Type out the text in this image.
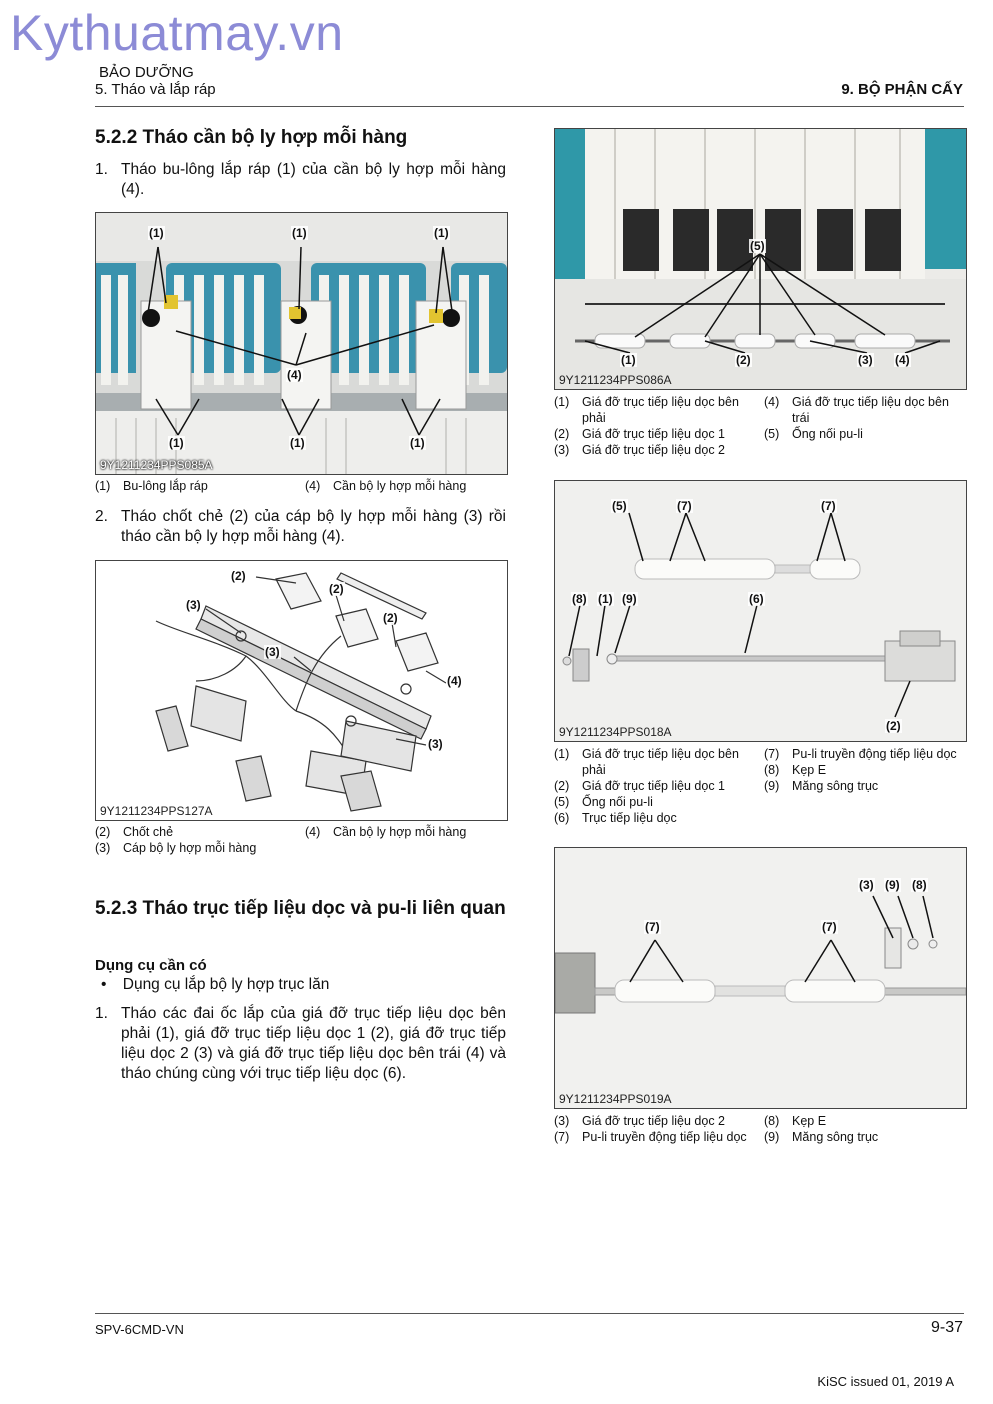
Kythuatmay.vn
BẢO DƯỠNG
5. Tháo và lắp ráp	9. BỘ PHẬN CẤY
5.2.2 Tháo cần bộ ly hợp mỗi hàng
1. Tháo bu-lông lắp ráp (1) của cần bộ ly hợp mỗi hàng (4).
(1)	(1)	(1)
(4)
(1)	(1)	(1)
9Y1211234PPS085A
(1)	Bu-lông lắp ráp	(4)	Cần bộ ly hợp mỗi hàng
2. Tháo chốt chẻ (2) của cáp bộ ly hợp mỗi hàng (3) rồi tháo cần bộ ly hợp mỗi hàng (4).
(2)
(2)
(2)
(3)
(3)
(4)
(3)
9Y1211234PPS127A
(2)	Chốt chẻ
(3)	Cáp bộ ly hợp mỗi hàng
(4)	Cần bộ ly hợp mỗi hàng
5.2.3 Tháo trục tiếp liệu dọc và pu-li liên quan
Dụng cụ cần có
• Dụng cụ lắp bộ ly hợp trục lăn
1. Tháo các đai ốc lắp của giá đỡ trục tiếp liệu dọc bên phải (1), giá đỡ trục tiếp liệu dọc 1 (2), giá đỡ trục tiếp liệu dọc 2 (3) và giá đỡ trục tiếp liệu dọc bên trái (4) và tháo chúng cùng với trục tiếp liệu dọc (6).
(5)
(1)	(2)	(3) (4)
9Y1211234PPS086A
(1)	Giá đỡ trục tiếp liệu dọc bên phải
(2)	Giá đỡ trục tiếp liệu dọc 1
(3)	Giá đỡ trục tiếp liệu dọc 2
(4)	Giá đỡ trục tiếp liệu dọc bên trái
(5)	Ống nối pu-li
(5)	(7)	(7)
(8) (1) (9)	(6)
(2)
9Y1211234PPS018A
(1)	Giá đỡ trục tiếp liệu dọc bên phải
(2)	Giá đỡ trục tiếp liệu dọc 1
(5)	Ống nối pu-li
(6)	Trục tiếp liệu dọc
(7)	Pu-li truyền động tiếp liệu dọc
(8)	Kẹp E
(9)	Măng sông trục
(3) (9) (8)
(7)	(7)
9Y1211234PPS019A
(3)	Giá đỡ trục tiếp liệu dọc 2
(7)	Pu-li truyền động tiếp liệu dọc
(8)	Kẹp E
(9)	Măng sông trục
SPV-6CMD-VN	9-37
KiSC issued 01, 2019 A
